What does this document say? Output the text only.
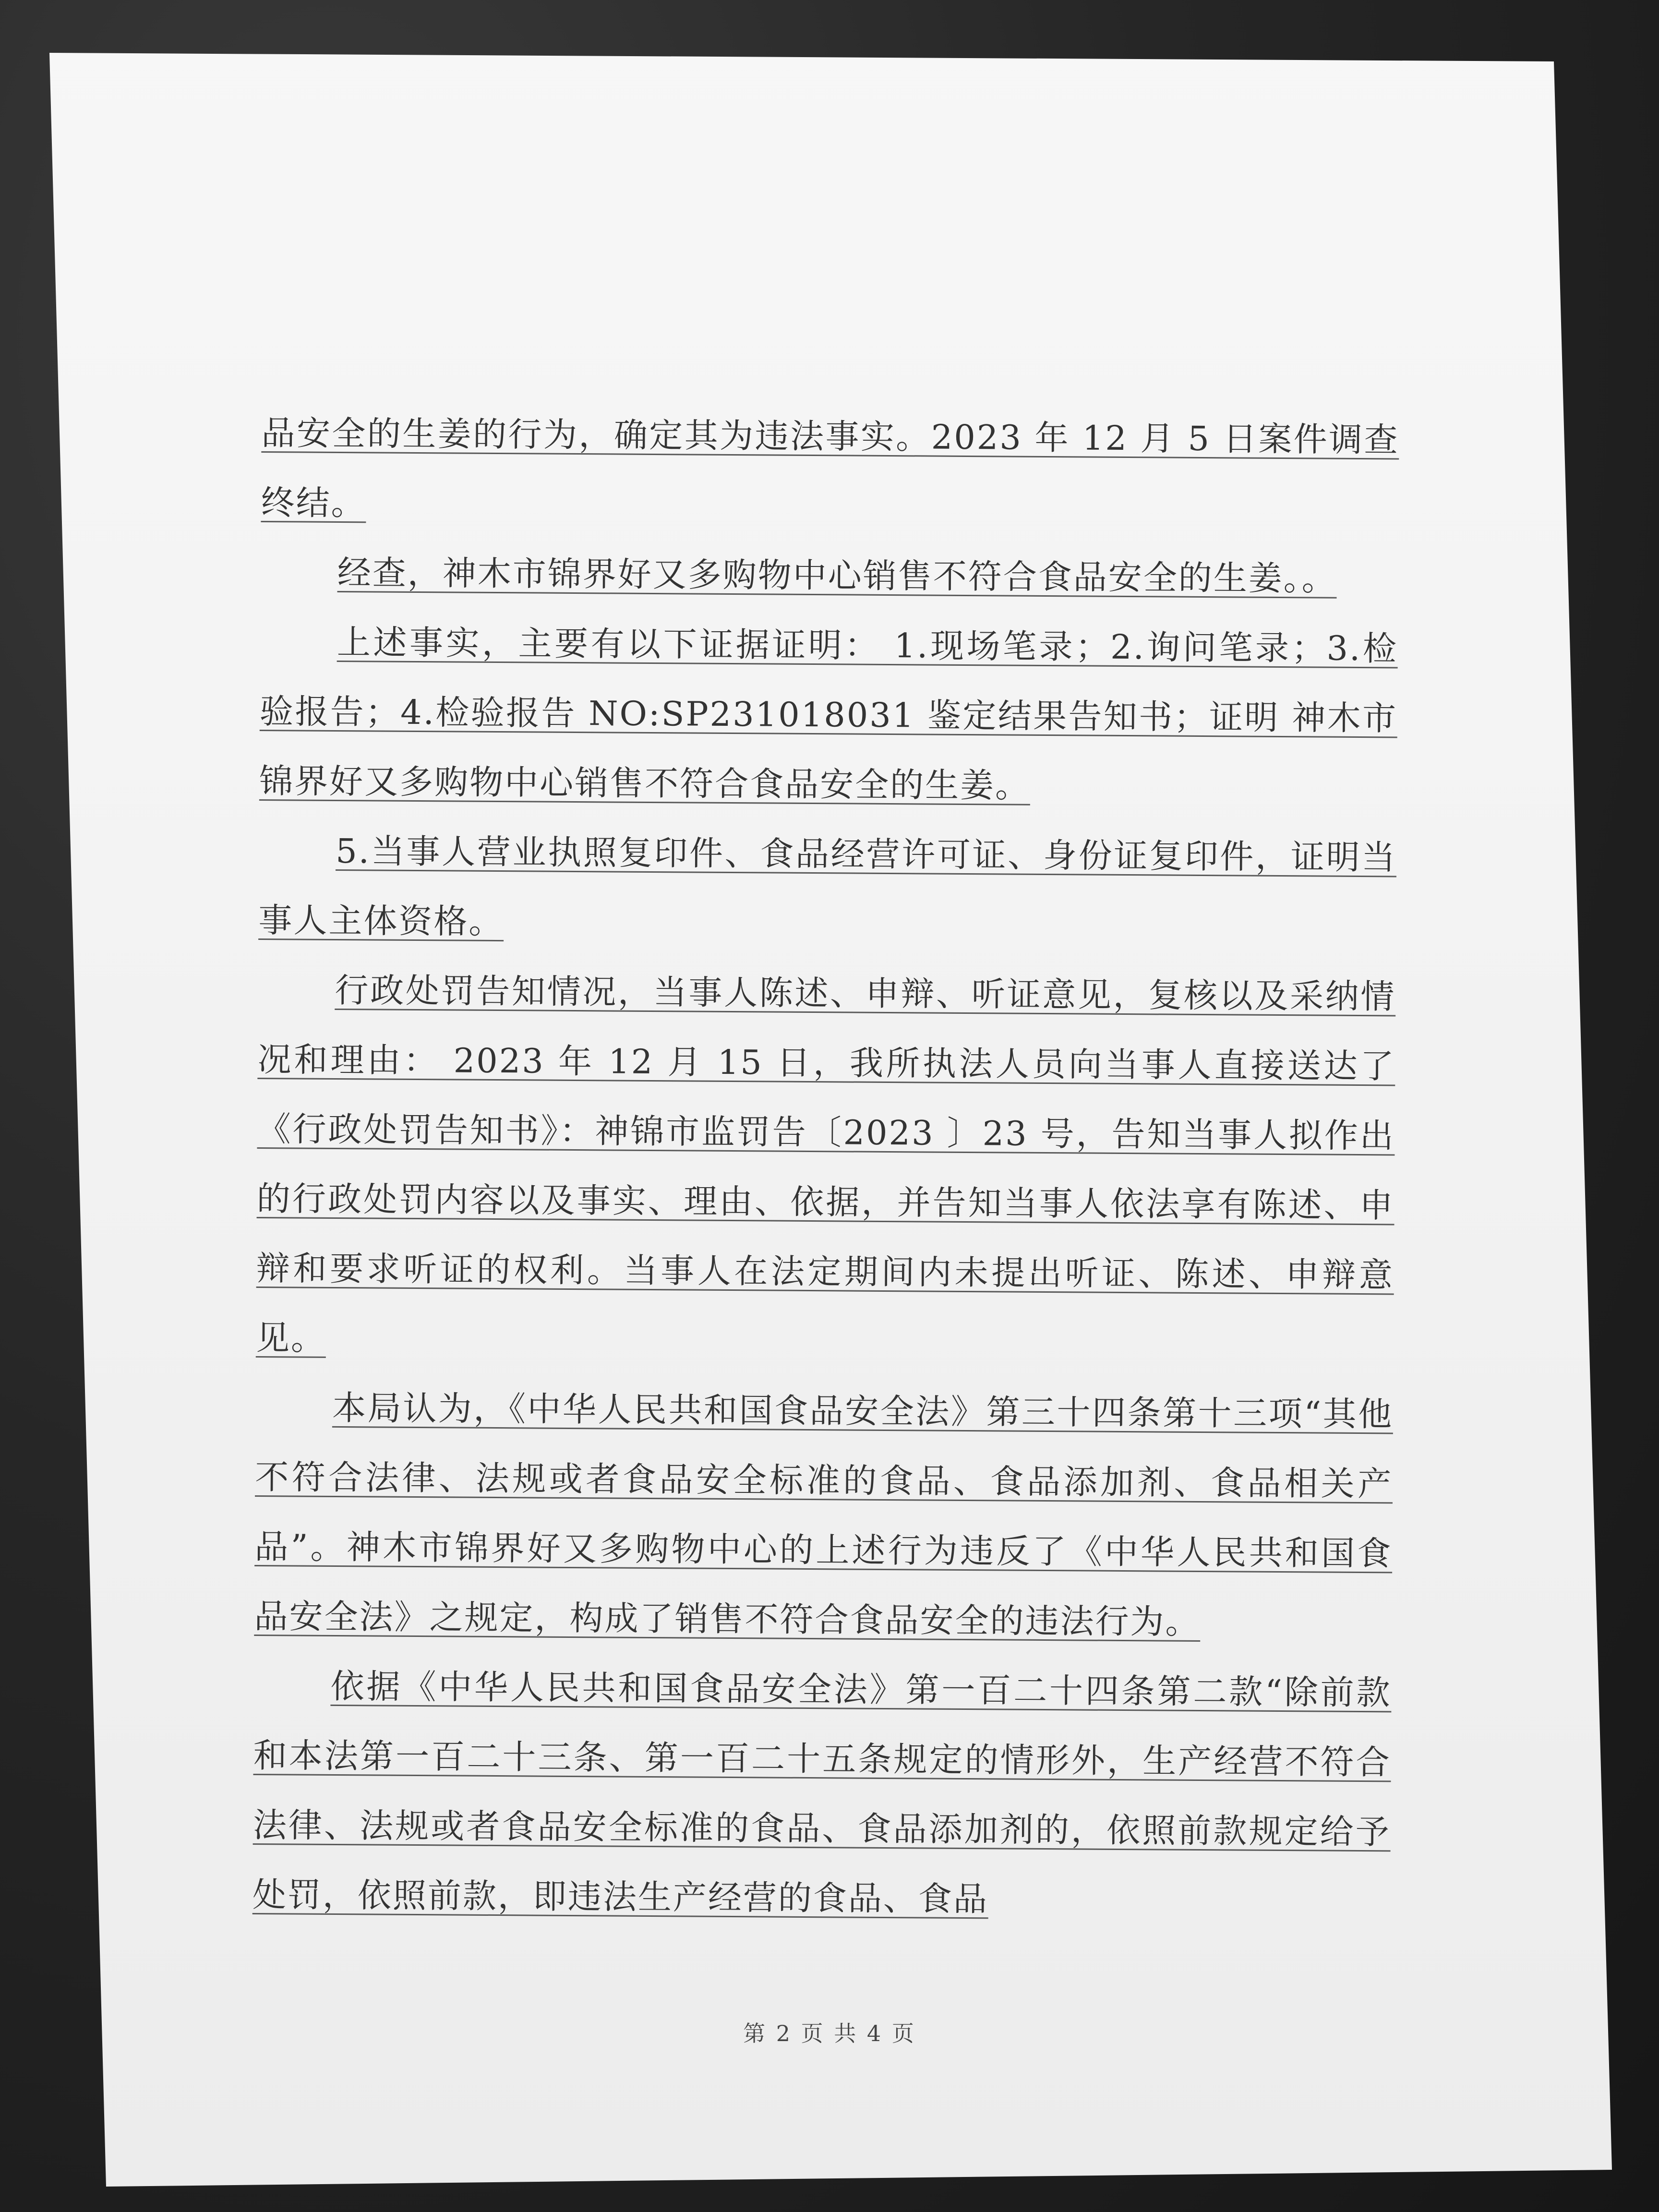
品安全的生姜的行为，确定其为违法事实。2023 年 12 月 5 日案件调查终结。

经查，神木市锦界好又多购物中心销售不符合食品安全的生姜。。

上述事实，主要有以下证据证明： 1.现场笔录；2.询问笔录；3.检验报告；4.检验报告 NO:SP231018031 鉴定结果告知书；证明 神木市锦界好又多购物中心销售不符合食品安全的生姜。

5.当事人营业执照复印件、食品经营许可证、身份证复印件，证明当事人主体资格。

行政处罚告知情况，当事人陈述、申辩、听证意见，复核以及采纳情况和理由： 2023 年 12 月 15 日，我所执法人员向当事人直接送达了《行政处罚告知书》：神锦市监罚告〔2023 〕23 号，告知当事人拟作出的行政处罚内容以及事实、理由、依据，并告知当事人依法享有陈述、申辩和要求听证的权利。当事人在法定期间内未提出听证、陈述、申辩意见。

本局认为，《中华人民共和国食品安全法》第三十四条第十三项“其他不符合法律、法规或者食品安全标准的食品、食品添加剂、食品相关产品”。神木市锦界好又多购物中心的上述行为违反了《中华人民共和国食品安全法》之规定，构成了销售不符合食品安全的违法行为。

依据《中华人民共和国食品安全法》第一百二十四条第二款“除前款和本法第一百二十三条、第一百二十五条规定的情形外，生产经营不符合法律、法规或者食品安全标准的食品、食品添加剂的，依照前款规定给予处罚，依照前款，即违法生产经营的食品、食品

第 2 页 共 4 页
